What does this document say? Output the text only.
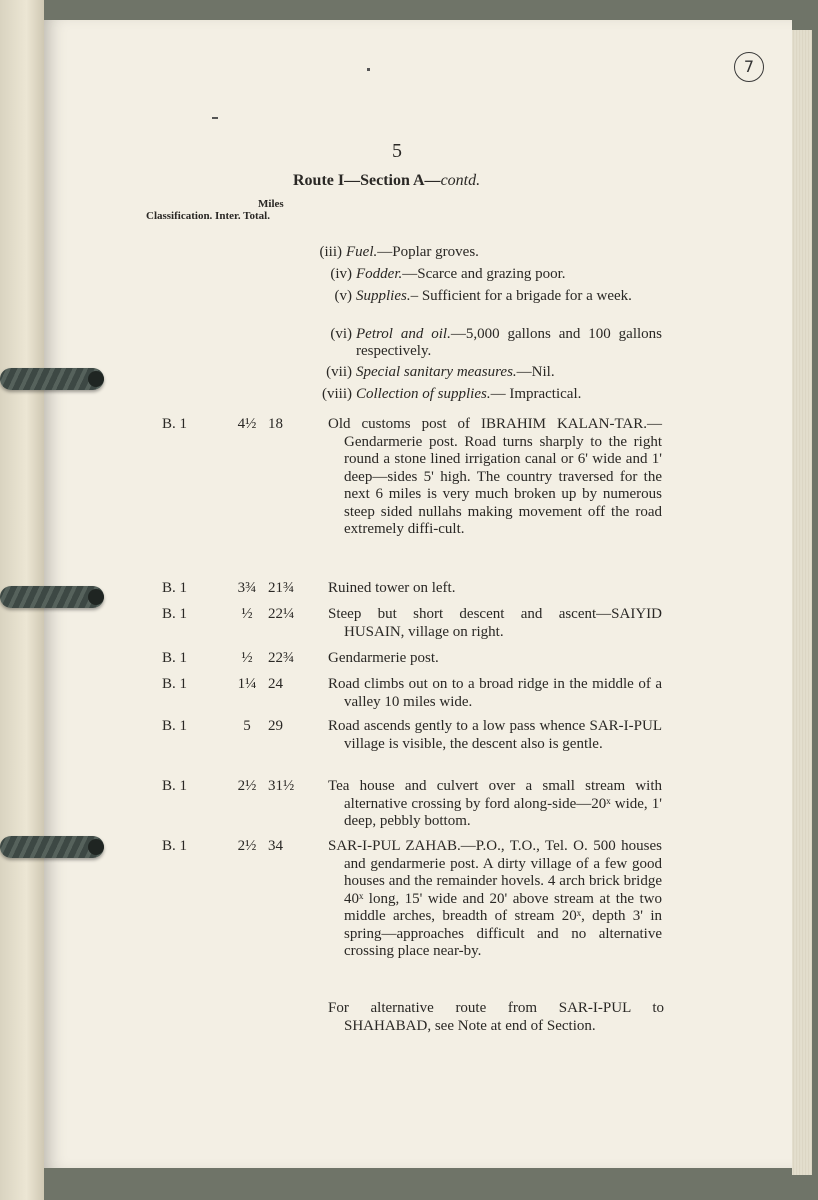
7
5
Route I—Section A—contd.
Miles
Classification. Inter. Total.
(iii) Fuel.—Poplar groves.
(iv) Fodder.—Scarce and grazing poor.
(v) Supplies.– Sufficient for a brigade for a week.
(vi) Petrol and oil.—5,000 gallons and 100 gallons respectively.
(vii) Special sanitary measures.—Nil.
(viii) Collection of supplies.— Impractical.
B. 1	4½ 18	Old customs post of IBRAHIM KALAN-TAR.—Gendarmerie post. Road turns sharply to the right round a stone lined irrigation canal or 6' wide and 1' deep—sides 5' high. The country traversed for the next 6 miles is very much broken up by numerous steep sided nullahs making movement off the road extremely diffi-cult.
B. 1	3¾ 21¾ Ruined tower on left.
B. 1	½	22¼ Steep but short descent and ascent—SAIYID HUSAIN, village on right.
B. 1	½	22¾ Gendarmerie post.
B. 1	1¼ 24	Road climbs out on to a broad ridge in the middle of a valley 10 miles wide.
B. 1	5	29	Road ascends gently to a low pass whence SAR-I-PUL village is visible, the descent also is gentle.
B. 1	2½ 31½ Tea house and culvert over a small stream with alternative crossing by ford along-side—20ˣ wide, 1' deep, pebbly bottom.
B. 1	2½ 34	SAR-I-PUL ZAHAB.—P.O., T.O., Tel. O. 500 houses and gendarmerie post. A dirty village of a few good houses and the remainder hovels. 4 arch brick bridge 40ˣ long, 15' wide and 20' above stream at the two middle arches, breadth of stream 20ˣ, depth 3' in spring—approaches difficult and no alternative crossing place near-by.
For alternative route from SAR-I-PUL to SHAHABAD, see Note at end of Section.
